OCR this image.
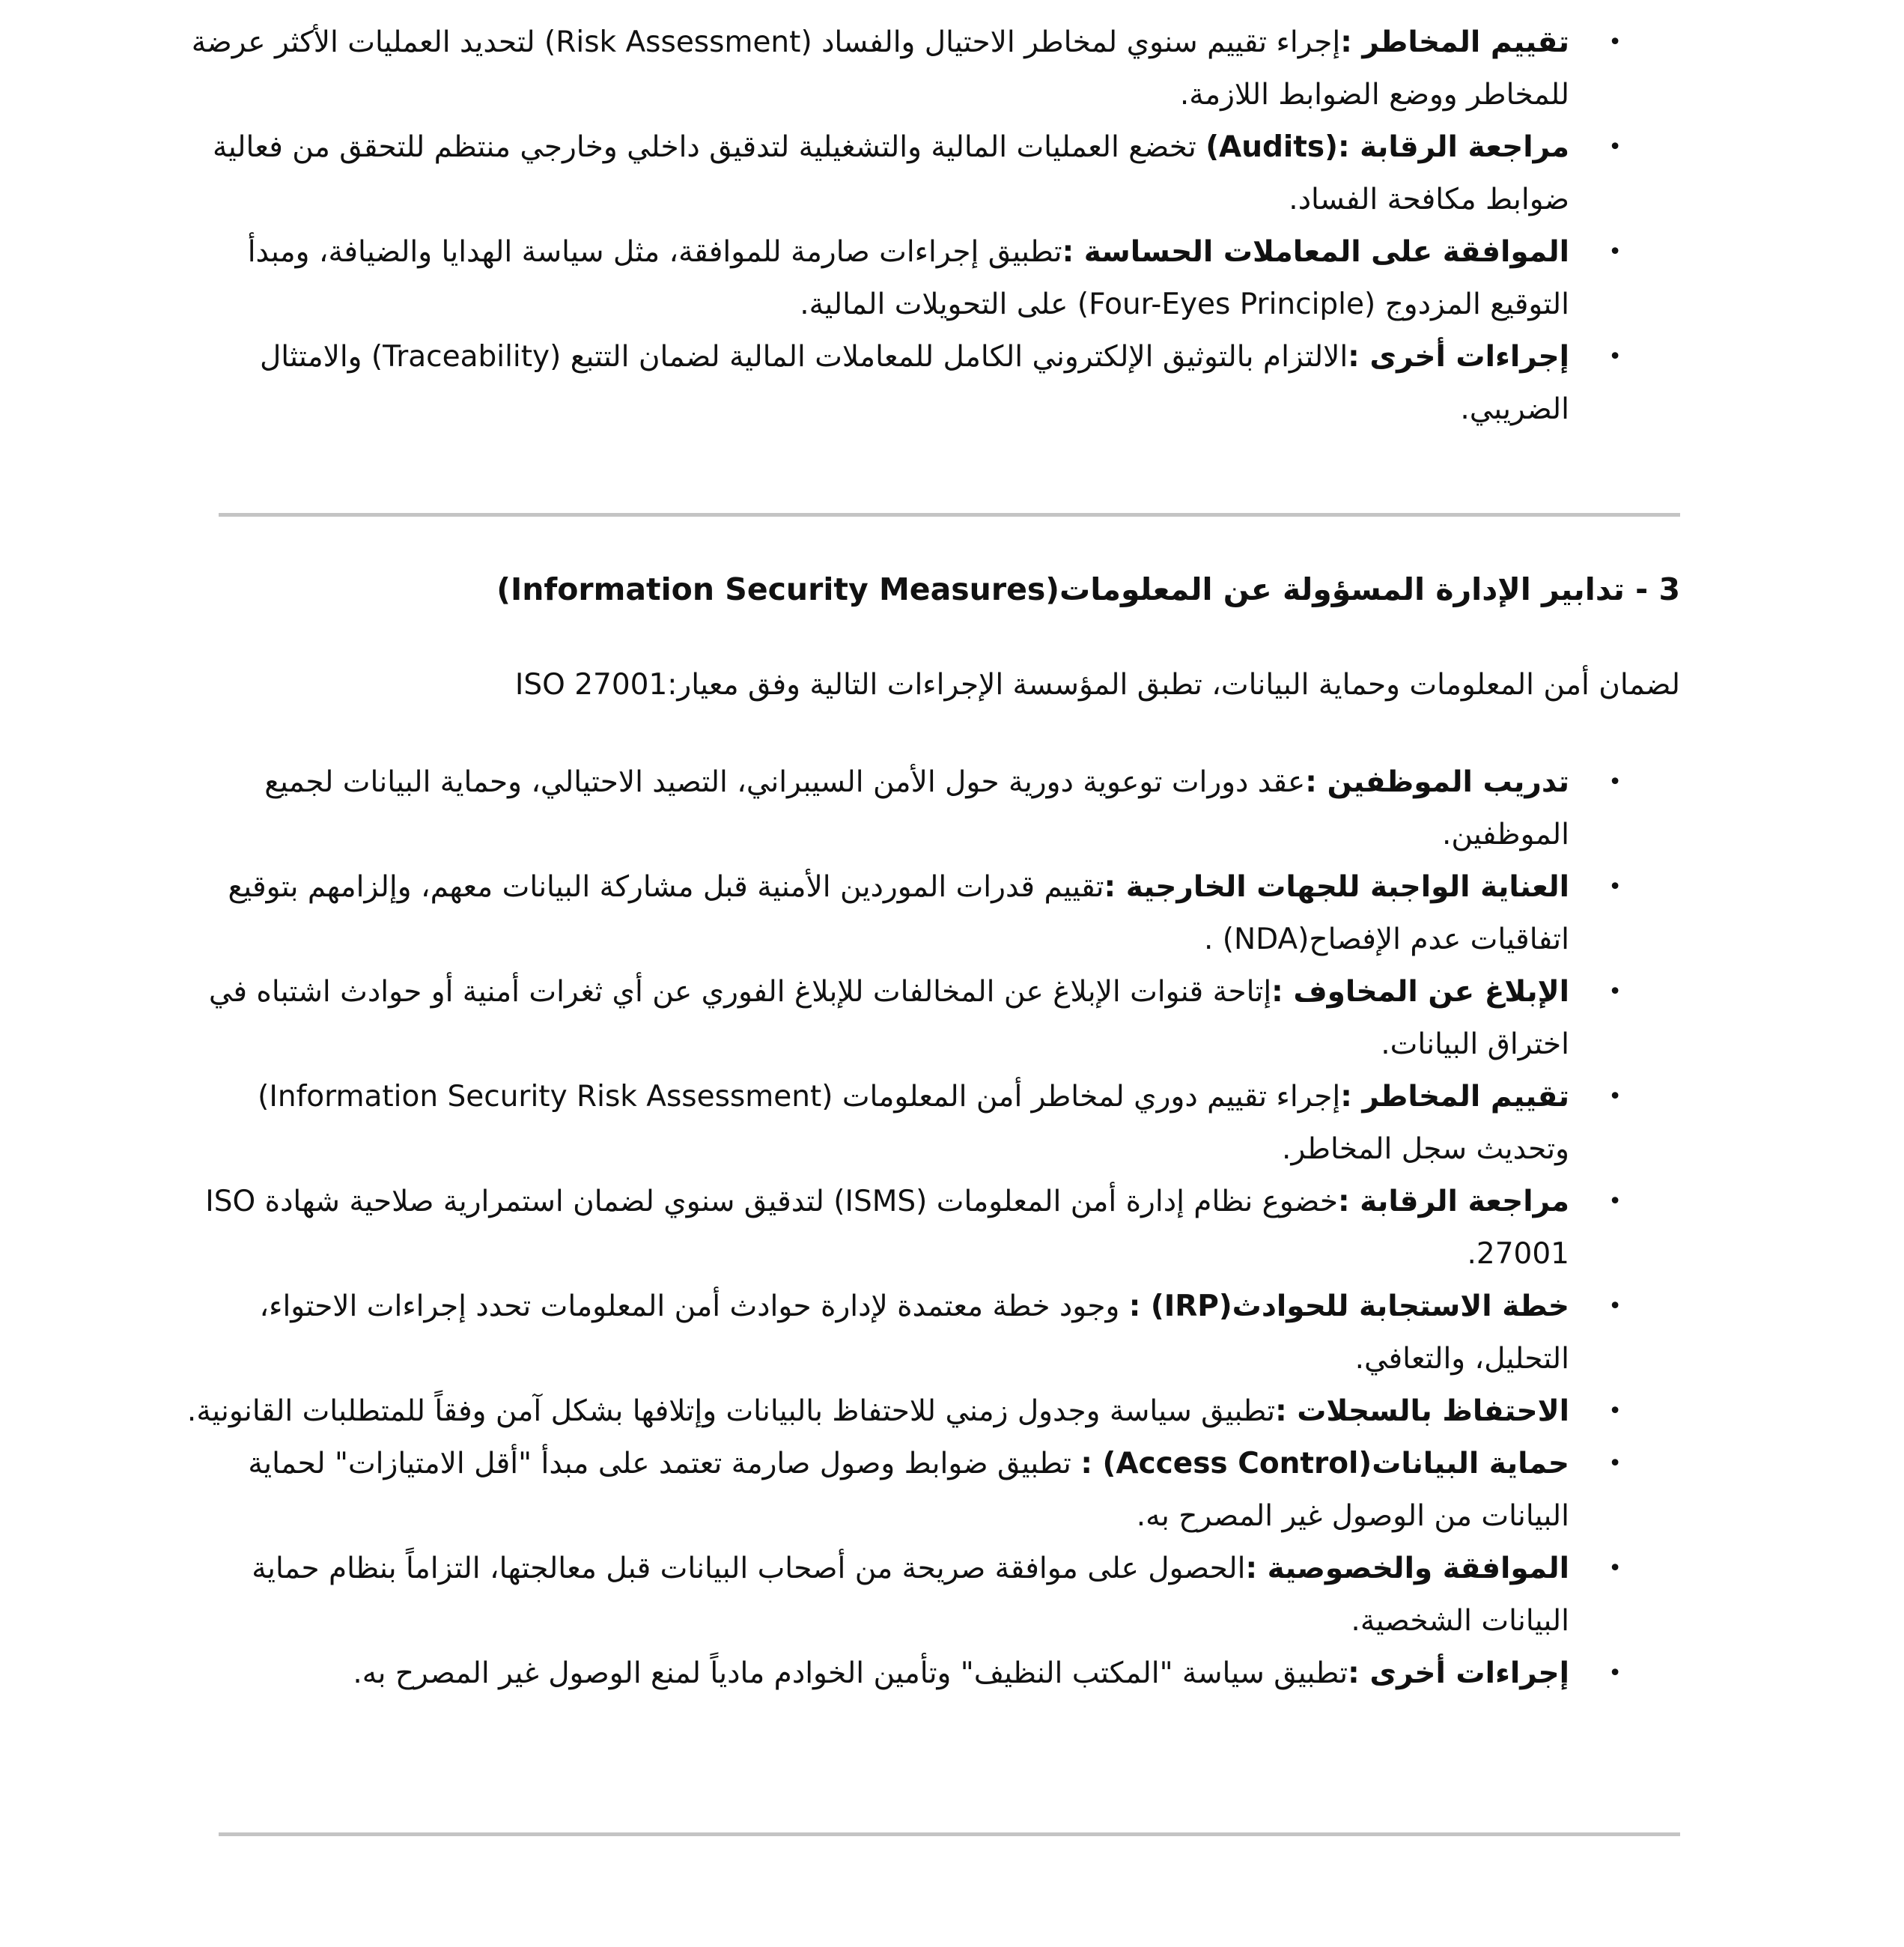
•
تقييم المخاطر :إجراء تقييم سنوي لمخاطر الاحتيال والفساد (Risk Assessment) لتحديد العمليات الأكثر عرضة للمخاطر ووضع الضوابط اللازمة.
•
مراجعة الرقابة :(Audits) تخضع العمليات المالية والتشغيلية لتدقيق داخلي وخارجي منتظم للتحقق من فعالية ضوابط مكافحة الفساد.
•
الموافقة على المعاملات الحساسة :تطبيق إجراءات صارمة للموافقة، مثل سياسة الهدايا والضيافة، ومبدأ التوقيع المزدوج (Four-Eyes Principle) على التحويلات المالية.
•
إجراءات أخرى :الالتزام بالتوثيق الإلكتروني الكامل للمعاملات المالية لضمان التتبع (Traceability) والامتثال الضريبي.
3 - تدابير الإدارة المسؤولة عن المعلومات(Information Security Measures)
لضمان أمن المعلومات وحماية البيانات، تطبق المؤسسة الإجراءات التالية وفق معيار:ISO 27001
•
تدريب الموظفين :عقد دورات توعوية دورية حول الأمن السيبراني، التصيد الاحتيالي، وحماية البيانات لجميع الموظفين.
•
العناية الواجبة للجهات الخارجية :تقييم قدرات الموردين الأمنية قبل مشاركة البيانات معهم، وإلزامهم بتوقيع اتفاقيات عدم الإفصاح(NDA) .
•
الإبلاغ عن المخاوف :إتاحة قنوات الإبلاغ عن المخالفات للإبلاغ الفوري عن أي ثغرات أمنية أو حوادث اشتباه في اختراق البيانات.
•
تقييم المخاطر :إجراء تقييم دوري لمخاطر أمن المعلومات (Information Security Risk Assessment) وتحديث سجل المخاطر.
•
مراجعة الرقابة :خضوع نظام إدارة أمن المعلومات (ISMS) لتدقيق سنوي لضمان استمرارية صلاحية شهادة ISO 27001.
•
خطة الاستجابة للحوادث(IRP) : وجود خطة معتمدة لإدارة حوادث أمن المعلومات تحدد إجراءات الاحتواء، التحليل، والتعافي.
•
الاحتفاظ بالسجلات :تطبيق سياسة وجدول زمني للاحتفاظ بالبيانات وإتلافها بشكل آمن وفقاً للمتطلبات القانونية.
•
حماية البيانات(Access Control) : تطبيق ضوابط وصول صارمة تعتمد على مبدأ "أقل الامتيازات" لحماية البيانات من الوصول غير المصرح به.
•
الموافقة والخصوصية :الحصول على موافقة صريحة من أصحاب البيانات قبل معالجتها، التزاماً بنظام حماية البيانات الشخصية.
•
إجراءات أخرى :تطبيق سياسة "المكتب النظيف" وتأمين الخوادم مادياً لمنع الوصول غير المصرح به.
